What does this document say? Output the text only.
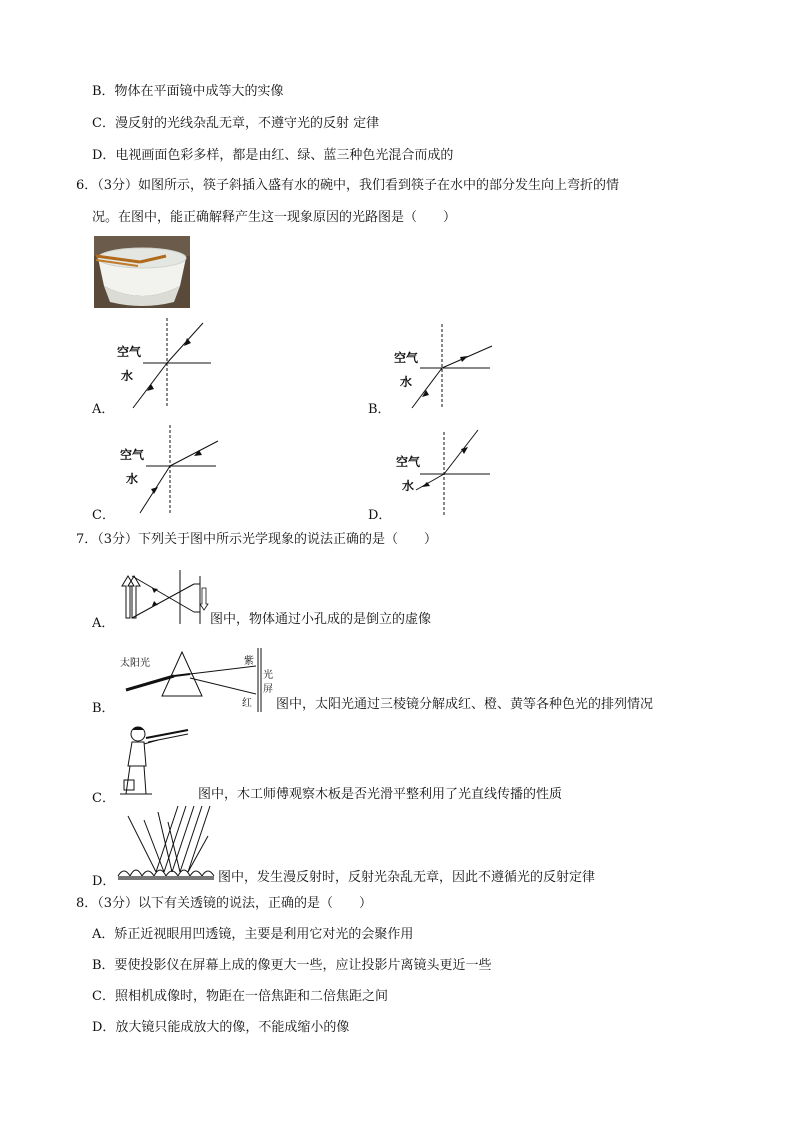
B．物体在平面镜中成等大的实像
C．漫反射的光线杂乱无章，不遵守光的反射 定律
D．电视画面色彩多样，都是由红、绿、蓝三种色光混合而成的
6．（3分）如图所示，筷子斜插入盛有水的碗中，我们看到筷子在水中的部分发生向上弯折的情
况。在图中，能正确解释产生这一现象原因的光路图是（　　）
A．
空气
水
B．
空气
水
C．
空气
水
D．
空气
水
7．（3分）下列关于图中所示光学现象的说法正确的是（　　）
A．	图中，物体通过小孔成的是倒立的虚像
B．
太阳光	紫
红
光
屏
图中，太阳光通过三棱镜分解成红、橙、黄等各种色光的排列情况
C．	图中，木工师傅观察木板是否光滑平整利用了光直线传播的性质
D．	图中，发生漫反射时，反射光杂乱无章，因此不遵循光的反射定律
8．（3分）以下有关透镜的说法，正确的是（　　）
A．矫正近视眼用凹透镜，主要是利用它对光的会聚作用
B．要使投影仪在屏幕上成的像更大一些，应让投影片离镜头更近一些
C．照相机成像时，物距在一倍焦距和二倍焦距之间
D．放大镜只能成放大的像，不能成缩小的像
